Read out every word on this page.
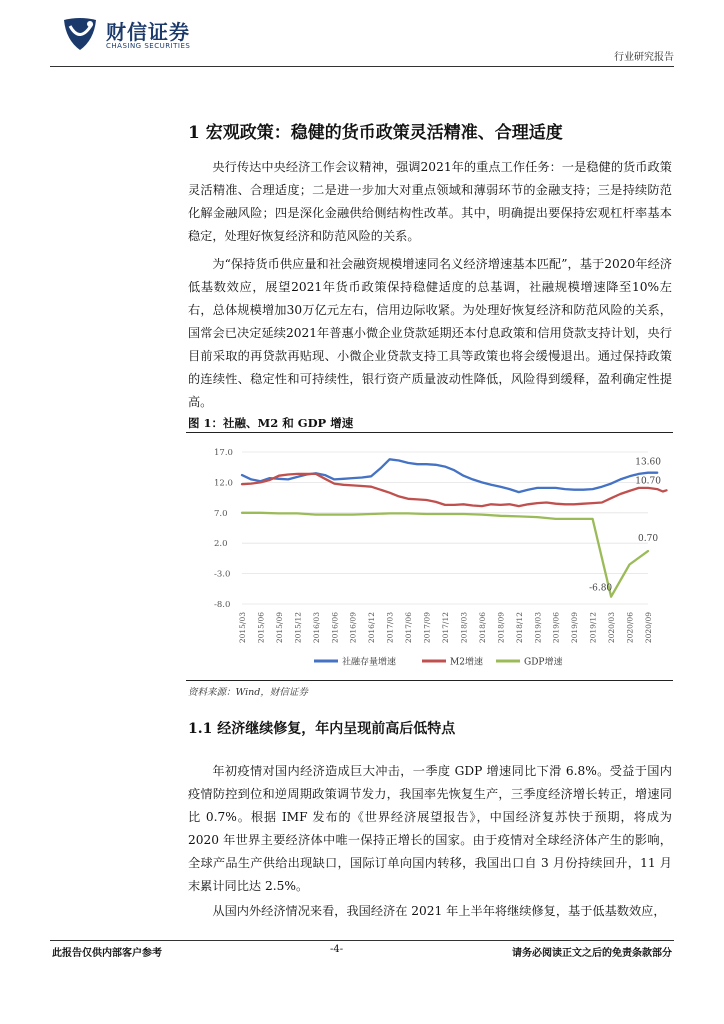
财信证券
CHASING SECURITIES
行业研究报告
1 宏观政策：稳健的货币政策灵活精准、合理适度

央行传达中央经济工作会议精神，强调2021年的重点工作任务：一是稳健的货币政策灵活精准、合理适度；二是进一步加大对重点领域和薄弱环节的金融支持；三是持续防范化解金融风险；四是深化金融供给侧结构性改革。其中，明确提出要保持宏观杠杆率基本稳定，处理好恢复经济和防范风险的关系。

为“保持货币供应量和社会融资规模增速同名义经济增速基本匹配”，基于2020年经济低基数效应，展望2021年货币政策保持稳健适度的总基调，社融规模增速降至10%左右，总体规模增加30万亿元左右，信用边际收紧。为处理好恢复经济和防范风险的关系，国常会已决定延续2021年普惠小微企业贷款延期还本付息政策和信用贷款支持计划，央行目前采取的再贷款再贴现、小微企业贷款支持工具等政策也将会缓慢退出。通过保持政策的连续性、稳定性和可持续性，银行资产质量波动性降低，风险得到缓释，盈利确定性提高。

图 1：社融、M2 和 GDP 增速
-8.0
-3.0
2.0
7.0
12.0
17.0
2015/03 2015/06 2015/09 2015/12 2016/03 2016/06 2016/09 2016/12 2017/03 2017/06 2017/09 2017/12 2018/03 2018/06 2018/09 2018/12 2019/03 2019/06 2019/09 2019/12 2020/03 2020/06 2020/09
13.60
10.70
0.70
-6.80
社融存量增速	M2增速	GDP增速
资料来源：Wind，财信证券
1.1 经济继续修复，年内呈现前高后低特点

年初疫情对国内经济造成巨大冲击，一季度 GDP 增速同比下滑 6.8%。受益于国内疫情防控到位和逆周期政策调节发力，我国率先恢复生产，三季度经济增长转正，增速同比 0.7%。根据 IMF 发布的《世界经济展望报告》，中国经济复苏快于预期，将成为 2020 年世界主要经济体中唯一保持正增长的国家。由于疫情对全球经济体产生的影响，全球产品生产供给出现缺口，国际订单向国内转移，我国出口自 3 月份持续回升，11 月末累计同比达 2.5%。

从国内外经济情况来看，我国经济在 2021 年上半年将继续修复，基于低基数效应，

此报告仅供内部客户参考	-4-	请务必阅读正文之后的免责条款部分
